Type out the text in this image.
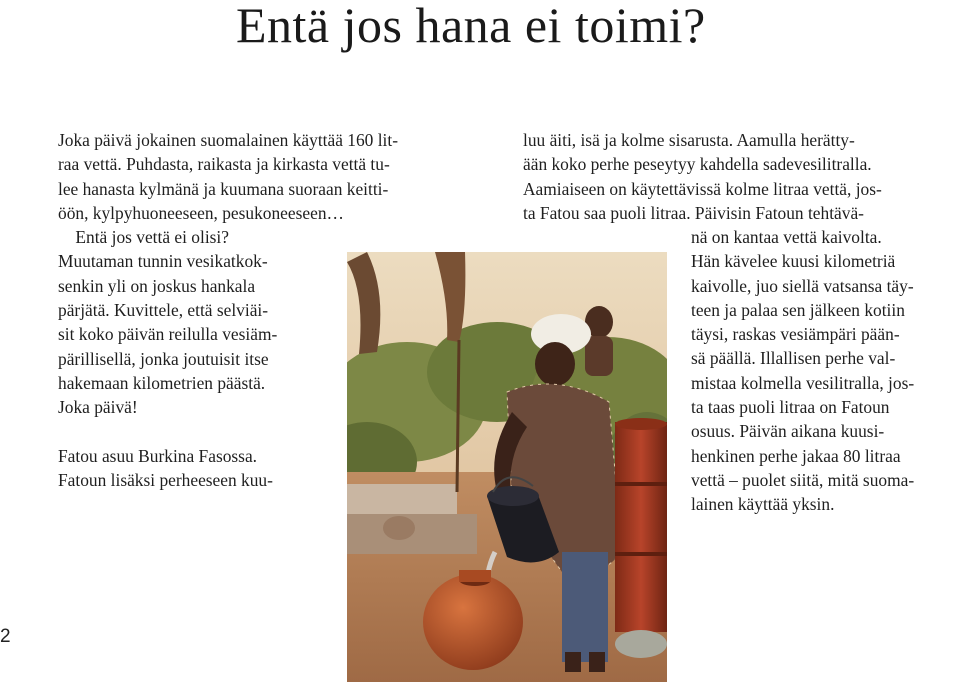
Entä jos hana ei toimi?
Joka päivä jokainen suomalainen käyttää 160 lit-
raa vettä. Puhdasta, raikasta ja kirkasta vettä tu-
lee hanasta kylmänä ja kuumana suoraan keitti-
öön, kylpyhuoneeseen, pesukoneeseen…
Entä jos vettä ei olisi?
Muutaman tunnin vesikatkok-
senkin yli on joskus hankala
pärjätä. Kuvittele, että selviäi-
sit koko päivän reilulla vesiäm-
pärillisellä, jonka joutuisit itse
hakemaan kilometrien päästä.
Joka päivä!
Fatou asuu Burkina Fasossa.
Fatoun lisäksi perheeseen kuu-
luu äiti, isä ja kolme sisarusta. Aamulla herätty-
ään koko perhe peseytyy kahdella sadevesilitralla.
Aamiaiseen on käytettävissä kolme litraa vettä, jos-
ta Fatou saa puoli litraa. Päivisin Fatoun tehtävä-
nä on kantaa vettä kaivolta.
Hän kävelee kuusi kilometriä
kaivolle, juo siellä vatsansa täy-
teen ja palaa sen jälkeen kotiin
täysi, raskas vesiämpäri pään-
sä päällä. Illallisen perhe val-
mistaa kolmella vesilitralla, jos-
ta taas puoli litraa on Fatoun
osuus. Päivän aikana kuusi-
henkinen perhe jakaa 80 litraa
vettä – puolet siitä, mitä suoma-
lainen käyttää yksin.
2
